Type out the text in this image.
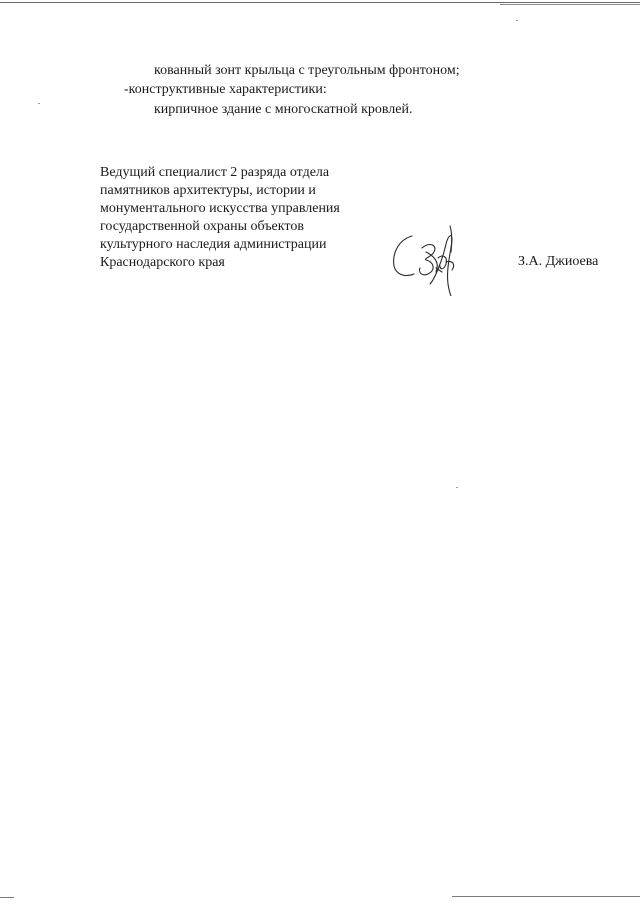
кованный зонт крыльца с треугольным фронтоном;
-конструктивные характеристики:
кирпичное здание с многоскатной кровлей.
Ведущий специалист 2 разряда отдела
памятников архитектуры, истории и
монументального искусства управления
государственной охраны объектов
культурного наследия администрации
Краснодарского края	З.А. Джиоева
